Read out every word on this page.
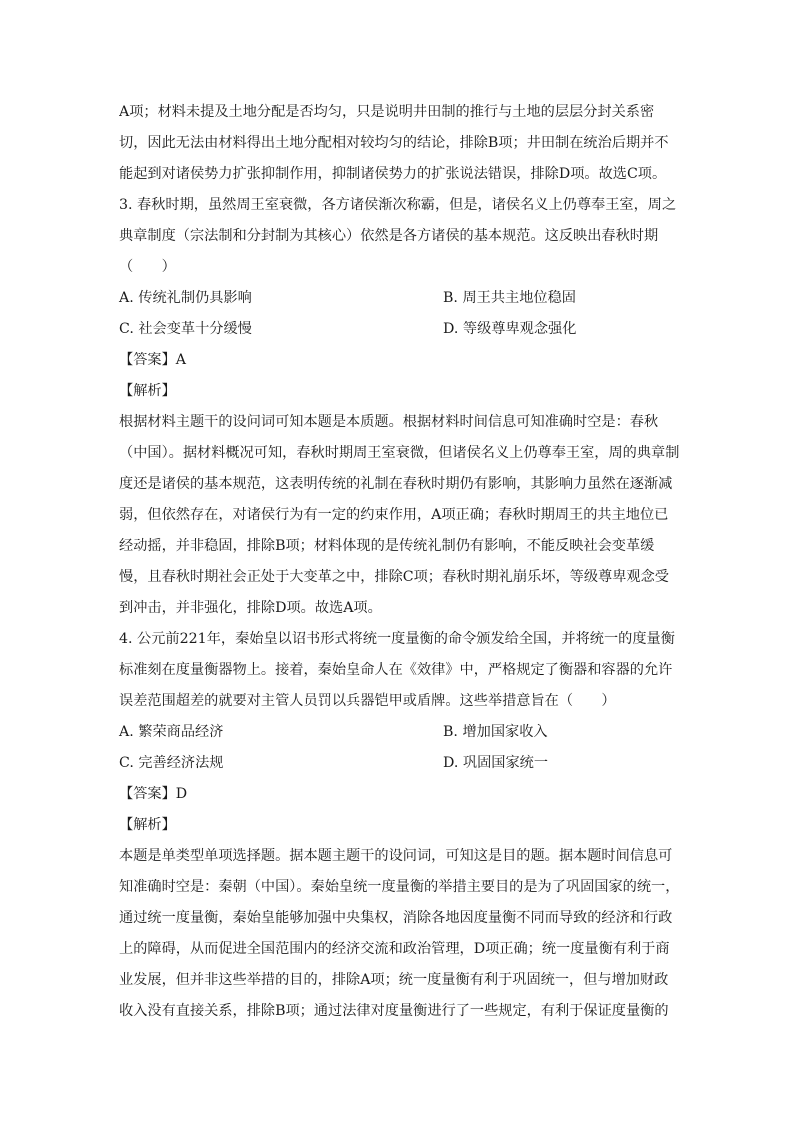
A项；材料未提及土地分配是否均匀，只是说明井田制的推行与土地的层层分封关系密
切，因此无法由材料得出土地分配相对较均匀的结论，排除B项；井田制在统治后期并不
能起到对诸侯势力扩张抑制作用，抑制诸侯势力的扩张说法错误，排除D项。故选C项。
3. 春秋时期，虽然周王室衰微，各方诸侯渐次称霸，但是，诸侯名义上仍尊奉王室，周之
典章制度（宗法制和分封制为其核心）依然是各方诸侯的基本规范。这反映出春秋时期
（　　）
A. 传统礼制仍具影响	B. 周王共主地位稳固
C. 社会变革十分缓慢	D. 等级尊卑观念强化
【答案】A
【解析】
根据材料主题干的设问词可知本题是本质题。根据材料时间信息可知准确时空是：春秋
（中国）。据材料概况可知，春秋时期周王室衰微，但诸侯名义上仍尊奉王室，周的典章制
度还是诸侯的基本规范，这表明传统的礼制在春秋时期仍有影响，其影响力虽然在逐渐减
弱，但依然存在，对诸侯行为有一定的约束作用，A项正确；春秋时期周王的共主地位已
经动摇，并非稳固，排除B项；材料体现的是传统礼制仍有影响，不能反映社会变革缓
慢，且春秋时期社会正处于大变革之中，排除C项；春秋时期礼崩乐坏，等级尊卑观念受
到冲击，并非强化，排除D项。故选A项。
4. 公元前221年，秦始皇以诏书形式将统一度量衡的命令颁发给全国，并将统一的度量衡
标准刻在度量衡器物上。接着，秦始皇命人在《效律》中，严格规定了衡器和容器的允许
误差范围超差的就要对主管人员罚以兵器铠甲或盾牌。这些举措意旨在（　　）
A. 繁荣商品经济	B. 增加国家收入
C. 完善经济法规	D. 巩固国家统一
【答案】D
【解析】
本题是单类型单项选择题。据本题主题干的设问词，可知这是目的题。据本题时间信息可
知准确时空是：秦朝（中国）。秦始皇统一度量衡的举措主要目的是为了巩固国家的统一，
通过统一度量衡，秦始皇能够加强中央集权，消除各地因度量衡不同而导致的经济和行政
上的障碍，从而促进全国范围内的经济交流和政治管理，D项正确；统一度量衡有利于商
业发展，但并非这些举措的目的，排除A项；统一度量衡有利于巩固统一，但与增加财政
收入没有直接关系，排除B项；通过法律对度量衡进行了一些规定，有利于保证度量衡的
